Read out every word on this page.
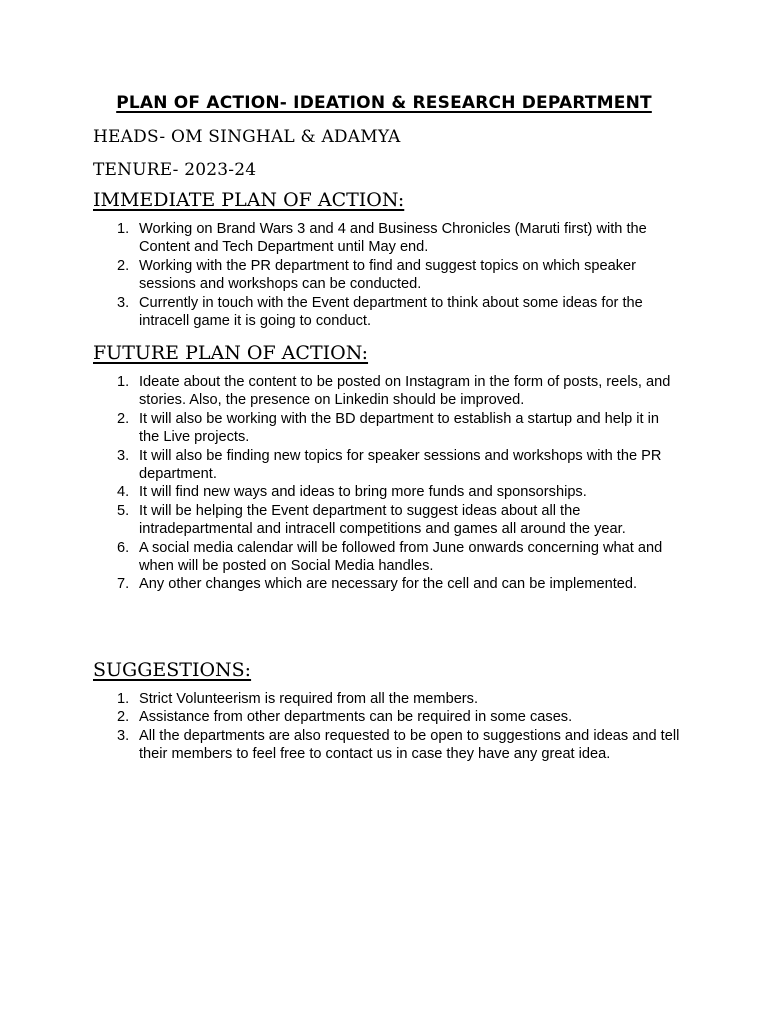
PLAN OF ACTION- IDEATION & RESEARCH DEPARTMENT
HEADS- OM SINGHAL & ADAMYA
TENURE- 2023-24
IMMEDIATE PLAN OF ACTION:
1. Working on Brand Wars 3 and 4 and Business Chronicles (Maruti first) with the Content and Tech Department until May end.
2. Working with the PR department to find and suggest topics on which speaker sessions and workshops can be conducted.
3. Currently in touch with the Event department to think about some ideas for the intracell game it is going to conduct.
FUTURE PLAN OF ACTION:
1. Ideate about the content to be posted on Instagram in the form of posts, reels, and stories. Also, the presence on Linkedin should be improved.
2. It will also be working with the BD department to establish a startup and help it in the Live projects.
3. It will also be finding new topics for speaker sessions and workshops with the PR department.
4. It will find new ways and ideas to bring more funds and sponsorships.
5. It will be helping the Event department to suggest ideas about all the intradepartmental and intracell competitions and games all around the year.
6. A social media calendar will be followed from June onwards concerning what and when will be posted on Social Media handles.
7. Any other changes which are necessary for the cell and can be implemented.
SUGGESTIONS:
1. Strict Volunteerism is required from all the members.
2. Assistance from other departments can be required in some cases.
3. All the departments are also requested to be open to suggestions and ideas and tell their members to feel free to contact us in case they have any great idea.
